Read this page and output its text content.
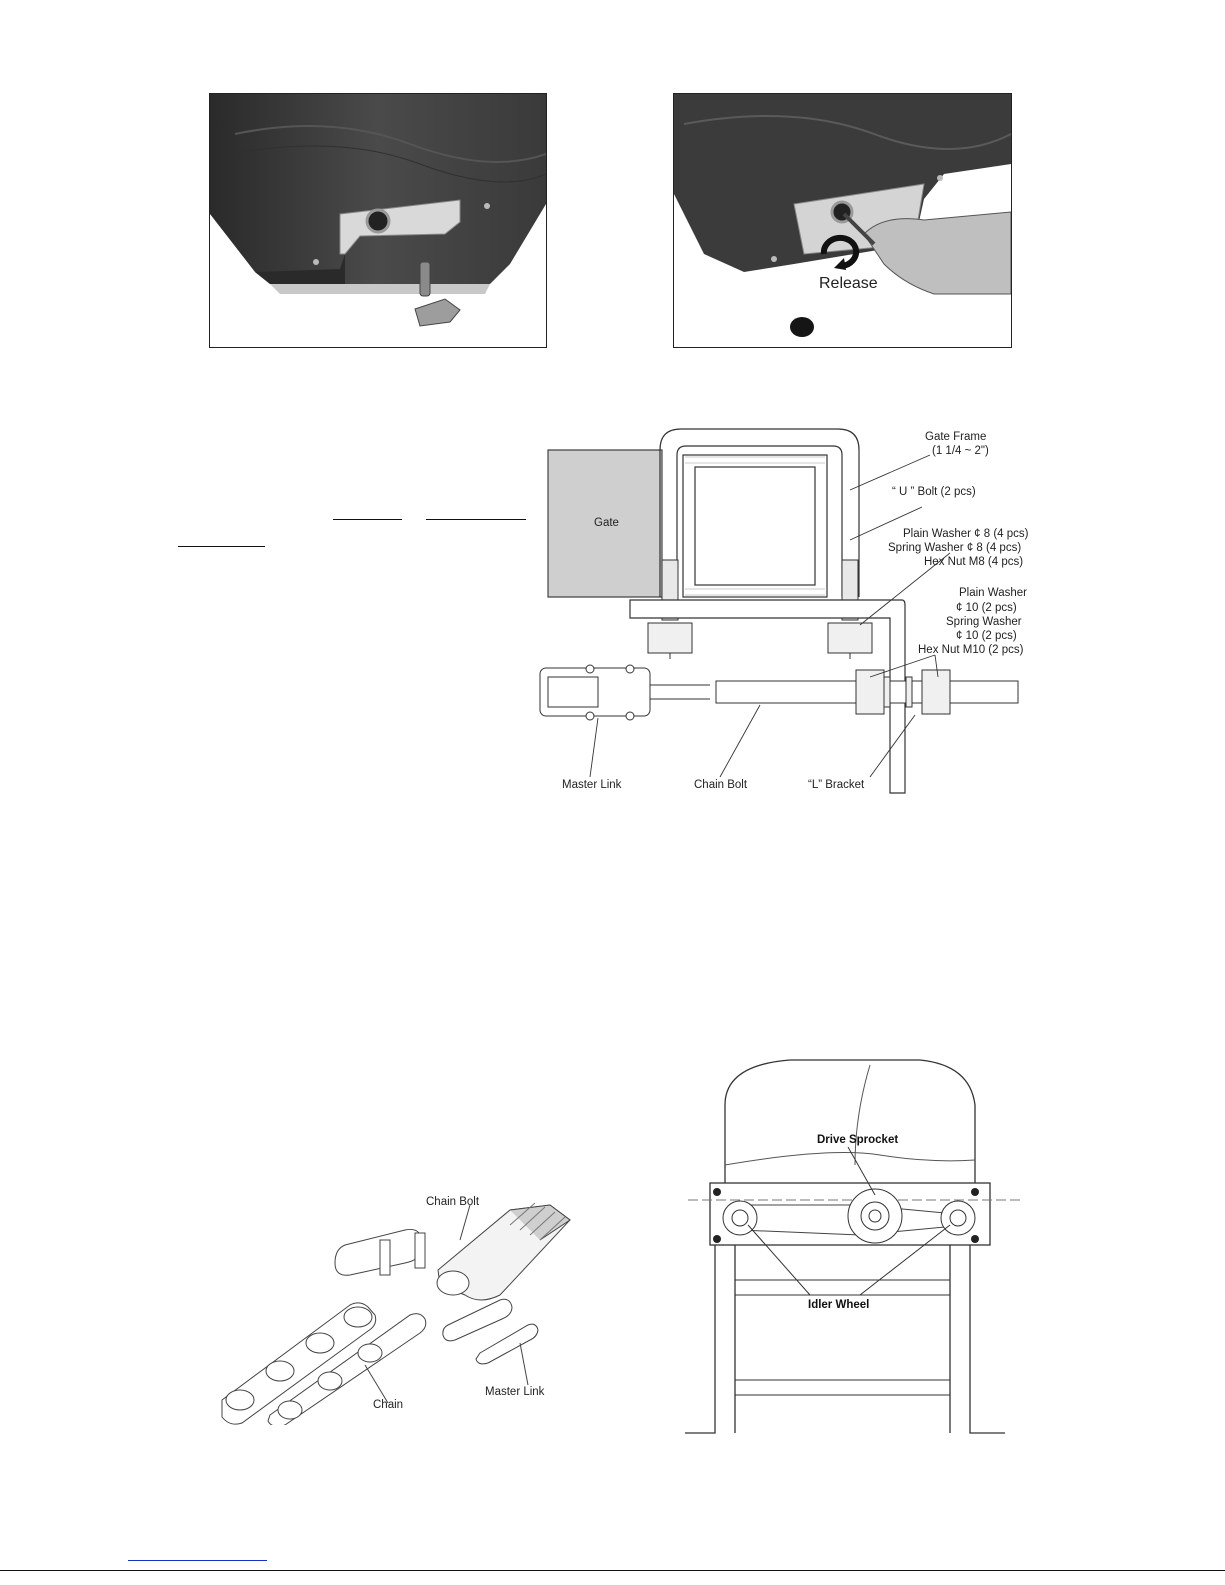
Release
Gate
Gate Frame
(1 1/4 ~ 2")
“ U ” Bolt (2 pcs)
Plain Washer ¢ 8 (4 pcs)
Spring Washer ¢ 8 (4 pcs)
Hex Nut M8 (4 pcs)
Plain Washer
¢ 10 (2 pcs)
Spring Washer
¢ 10 (2 pcs)
Hex Nut M10 (2 pcs)
Master Link	Chain Bolt	“L” Bracket
Chain Bolt
Chain
Master Link
Drive Sprocket
Idler Wheel
